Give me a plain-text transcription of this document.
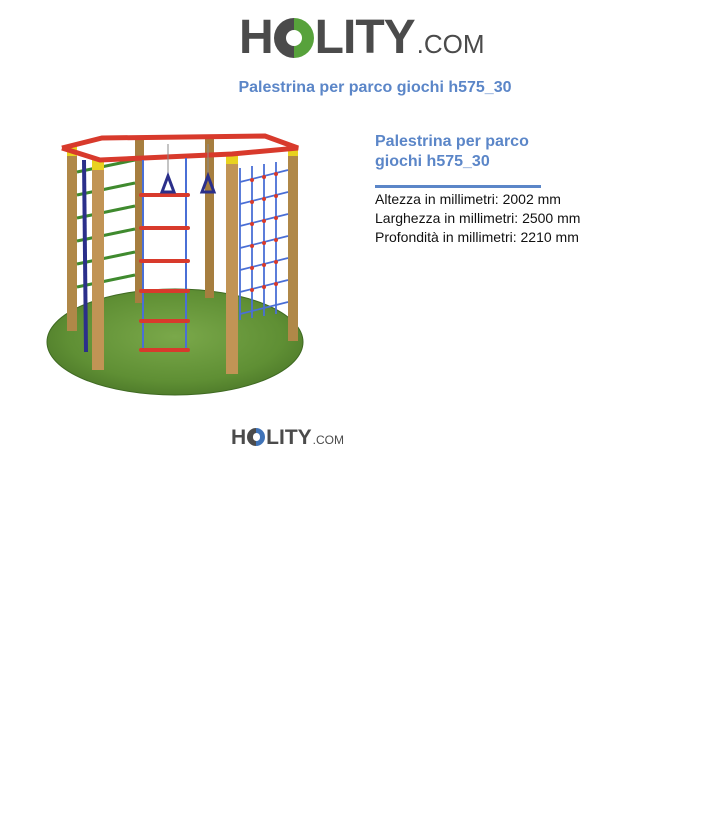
H LITY .COM
Palestrina per parco giochi h575_30
Palestrina per parco giochi h575_30
Altezza in millimetri: 2002 mm
Larghezza in millimetri: 2500 mm
Profondità in millimetri: 2210 mm
H LITY .COM
